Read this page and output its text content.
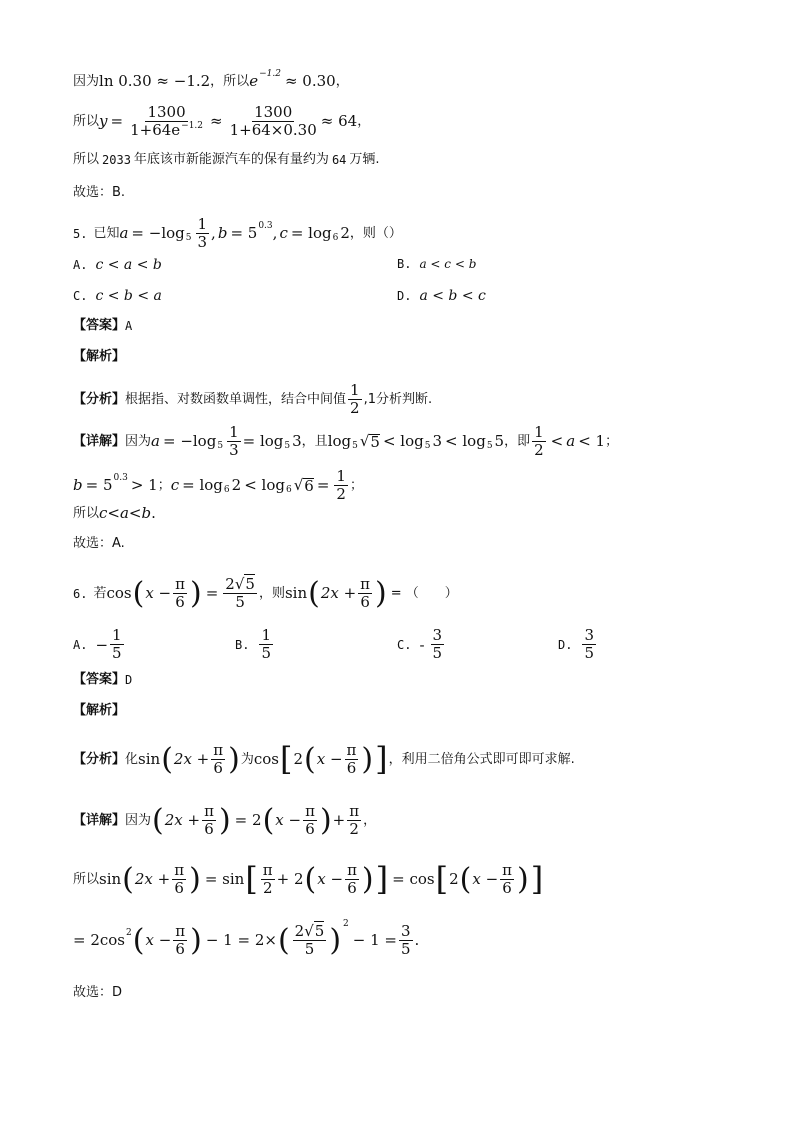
因为 ln 0.30 ≈ −1.2 ，所以 e −1.2 ≈ 0.30 ，
所以 $y = \frac{1300}{1+64e^{-1.2}} \approx \frac{1300}{1+64\times 0.30} \approx 64$ ，
所以 2033 年底该市新能源汽车的保有量约为 64 万辆.
故选：B.
5. 已知 a = −log $5 \frac{1}{3}$ , b = 5 0.3 , c = log 6 2 ，则（）
A. c < a < b	B. a < c < b
C. c < b < a	D. a < b < c
【答案】 A
【解析】
【分析】 根据指、对数函数单调性，结合中间值 $\frac{1}{2} ,1$分析判断.
【详解】 因为 a = −log $5 \frac{1}{3} = \log 5$ 3 ，且 log 5 √ 5 < log 5 3 < log 5 5 ，即 $\frac{1}{2} < a < 1$ ；
b = 5 0.3 > 1 ； c = log 6 2 < log 6 √ $6 = \frac{1}{2}$ ；
所以 c<a<b .
故选：A.
6. 若 cos ( $x - \frac{\pi}{6}$ ) = $\frac{2√5}{5}$ ，则 sin ( $2x + \frac{\pi}{6}$ ) = （　　）
A. − $\frac{1}{5}$	B. $\frac{1}{5}$	C. - $\frac{3}{5}$	D. $\frac{3}{5}$
【答案】 D
【解析】
【分析】 化 sin ( $2x + \frac{\pi}{6}$ ) 为 cos [ 2 ( $x - \frac{\pi}{6}$ ) ] ，利用二倍角公式即可即可求解.
【详解】 因为 ( $2x + \frac{\pi}{6}$ ) = 2 ( $x - \frac{\pi}{6}$ ) + $\frac{\pi}{2}$ ，
所以 sin ( $2x + \frac{\pi}{6}$ ) = sin [ $\frac{\pi}{2} + 2$ ( $x - \frac{\pi}{6}$ ) ] = cos [ 2 ( $x - \frac{\pi}{6}$ ) ]
= 2cos 2 ( $x - \frac{\pi}{6}$ ) − 1 = 2× ( $\frac{2√5}{5}$ ) 2
− $1 = \frac{3}{5}$ .
故选：D
